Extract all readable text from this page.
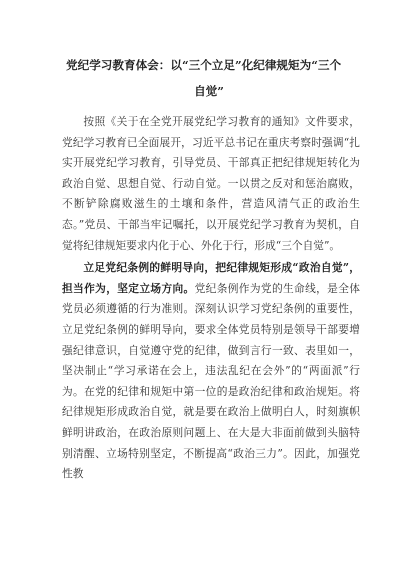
党纪学习教育体会：以“三个立足”化纪律规矩为“三个
自觉”

按照《关于在全党开展党纪学习教育的通知》文件要求，党纪学习教育已全面展开，习近平总书记在重庆考察时强调“扎实开展党纪学习教育，引导党员、干部真正把纪律规矩转化为政治自觉、思想自觉、行动自觉。一以贯之反对和惩治腐败，不断铲除腐败滋生的土壤和条件，营造风清气正的政治生态。”党员、干部当牢记嘱托，以开展党纪学习教育为契机，自觉将纪律规矩要求内化于心、外化于行，形成“三个自觉”。

立足党纪条例的鲜明导向，把纪律规矩形成“政治自觉”，担当作为，坚定立场方向。党纪条例作为党的生命线，是全体党员必须遵循的行为准则。深刻认识学习党纪条例的重要性，立足党纪条例的鲜明导向，要求全体党员特别是领导干部要增强纪律意识，自觉遵守党的纪律，做到言行一致、表里如一，坚决制止“学习承诺在会上，违法乱纪在会外”的“两面派”行为。在党的纪律和规矩中第一位的是政治纪律和政治规矩。将纪律规矩形成政治自觉，就是要在政治上做明白人，时刻旗帜鲜明讲政治，在政治原则问题上、在大是大非面前做到头脑特别清醒、立场特别坚定，不断提高“政治三力”。因此，加强党性教
